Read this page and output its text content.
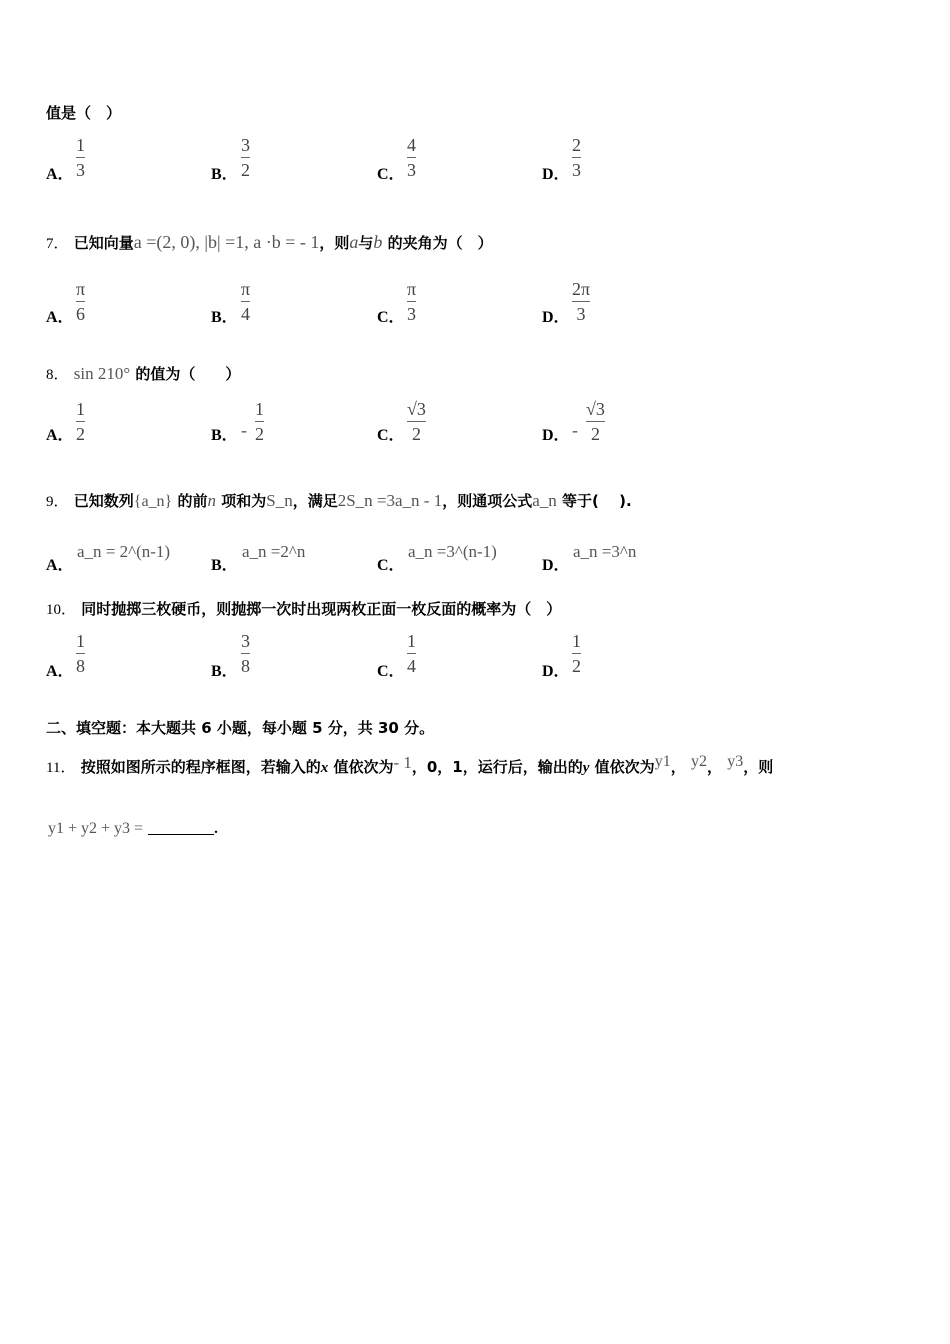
值是（　）
A．
1
3	B．
3
2	C．
4
3	D．
2
3
7． 已知向量a =(2, 0), |b| =1, a ·b = - 1，则a与b 的夹角为（　）
A．
π
6	B．
π
4	C．
π
3	D．
2π
3
8． sin 210° 的值为（　　）
A．
1
2	B． -
1
2	C．
√3
2	D． -
√3
2
9． 已知数列{a_n} 的前n 项和为S_n，满足2S_n =3a_n - 1，则通项公式a_n 等于(　 ).
A．
a_n = 2^(n-1)
B．
a_n =2^n
C．
a_n =3^(n-1)
D．
a_n =3^n
10． 同时抛掷三枚硬币，则抛掷一次时出现两枚正面一枚反面的概率为（　）
A．
1
8	B．
3
8	C．
1
4	D．
1
2
二、填空题：本大题共 6 小题，每小题 5 分，共 30 分。
11． 按照如图所示的程序框图，若输入的x 值依次为- 1，0，1，运行后，输出的y 值依次为y1， y2， y3，则
y1 + y2 + y3 =	.
